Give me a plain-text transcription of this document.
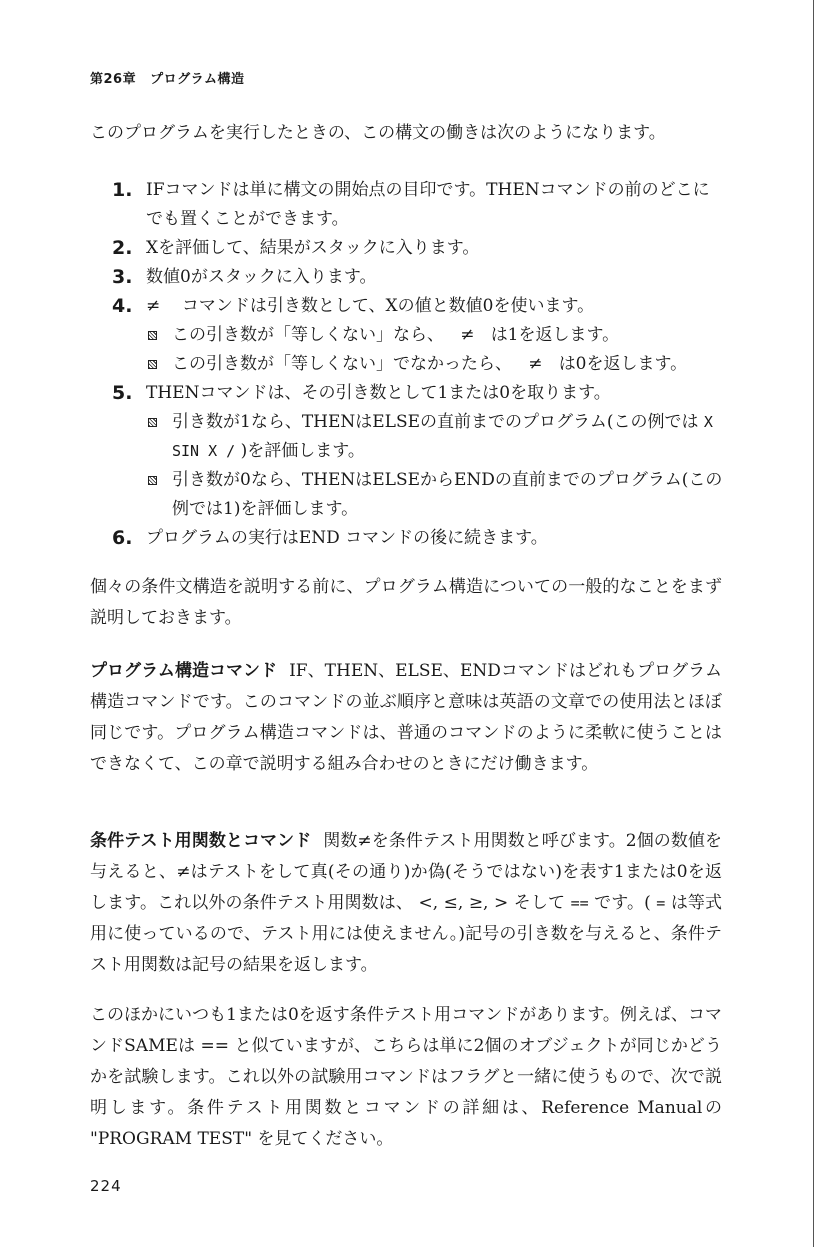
第26章 プログラム構造

このプログラムを実行したときの、この構文の働きは次のようになります。

1. IFコマンドは単に構文の開始点の目印です。THENコマンドの前のどこにでも置くことができます。
2. Xを評価して、結果がスタックに入ります。
3. 数値0がスタックに入ります。
4. ≠ コマンドは引き数として、Xの値と数値0を使います。
この引き数が「等しくない」なら、 ≠ は1を返します。
この引き数が「等しくない」でなかったら、 ≠ は0を返します。
5. THENコマンドは、その引き数として1または0を取ります。
引き数が1なら、THENはELSEの直前までのプログラム(この例では X SIN X ∕ )を評価します。
引き数が0なら、THENはELSEからENDの直前までのプログラム(この例では1)を評価します。
6. プログラムの実行はEND コマンドの後に続きます。

個々の条件文構造を説明する前に、プログラム構造についての一般的なことをまず説明しておきます。

プログラム構造コマンド IF、THEN、ELSE、ENDコマンドはどれもプログラム構造コマンドです。このコマンドの並ぶ順序と意味は英語の文章での使用法とほぼ同じです。プログラム構造コマンドは、普通のコマンドのように柔軟に使うことはできなくて、この章で説明する組み合わせのときにだけ働きます。

条件テスト用関数とコマンド 関数≠を条件テスト用関数と呼びます。2個の数値を与えると、≠はテストをして真(その通り)か偽(そうではない)を表す1または0を返します。これ以外の条件テスト用関数は、 <, ≤, ≥, > そして == です。( = は等式用に使っているので、テスト用には使えません。)記号の引き数を与えると、条件テスト用関数は記号の結果を返します。

このほかにいつも1または0を返す条件テスト用コマンドがあります。例えば、コマンドSAMEは == と似ていますが、こちらは単に2個のオブジェクトが同じかどうかを試験します。これ以外の試験用コマンドはフラグと一緒に使うもので、次で説明します。条件テスト用関数とコマンドの詳細は、Reference Manualの "PROGRAM TEST" を見てください。

224
